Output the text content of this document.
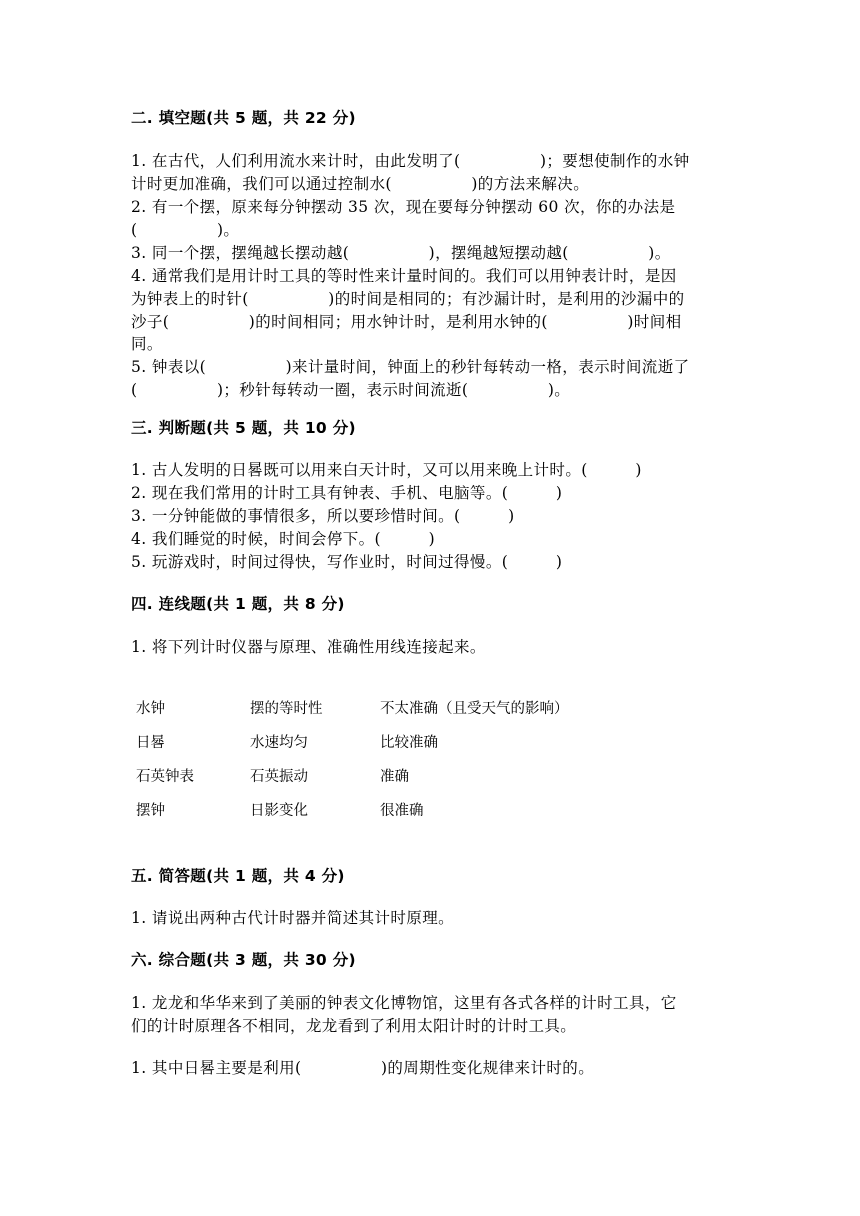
二. 填空题(共 5 题，共 22 分)
1. 在古代，人们利用流水来计时，由此发明了(　　　　　)；要想使制作的水钟
计时更加准确，我们可以通过控制水(　　　　　)的方法来解决。
2. 有一个摆，原来每分钟摆动 35 次，现在要每分钟摆动 60 次，你的办法是
(　　　　　)。
3. 同一个摆，摆绳越长摆动越(　　　　　)，摆绳越短摆动越(　　　　　)。
4. 通常我们是用计时工具的等时性来计量时间的。我们可以用钟表计时，是因
为钟表上的时针(　　　　　)的时间是相同的；有沙漏计时，是利用的沙漏中的
沙子(　　　　　)的时间相同；用水钟计时，是利用水钟的(　　　　　)时间相
同。
5. 钟表以(　　　　　)来计量时间，钟面上的秒针每转动一格，表示时间流逝了
(　　　　　)；秒针每转动一圈，表示时间流逝(　　　　　)。
三. 判断题(共 5 题，共 10 分)
1. 古人发明的日晷既可以用来白天计时，又可以用来晚上计时。(　　　)
2. 现在我们常用的计时工具有钟表、手机、电脑等。(　　　)
3. 一分钟能做的事情很多，所以要珍惜时间。(　　　)
4. 我们睡觉的时候，时间会停下。(　　　)
5. 玩游戏时，时间过得快，写作业时，时间过得慢。(　　　)
四. 连线题(共 1 题，共 8 分)
1. 将下列计时仪器与原理、准确性用线连接起来。
水钟
日晷
石英钟表
摆钟
摆的等时性
水速均匀
石英振动
日影变化
不太准确（且受天气的影响）
比较准确
准确
很准确
五. 简答题(共 1 题，共 4 分)
1. 请说出两种古代计时器并简述其计时原理。
六. 综合题(共 3 题，共 30 分)
1. 龙龙和华华来到了美丽的钟表文化博物馆，这里有各式各样的计时工具，它
们的计时原理各不相同，龙龙看到了利用太阳计时的计时工具。
1. 其中日晷主要是利用(　　　　　)的周期性变化规律来计时的。
